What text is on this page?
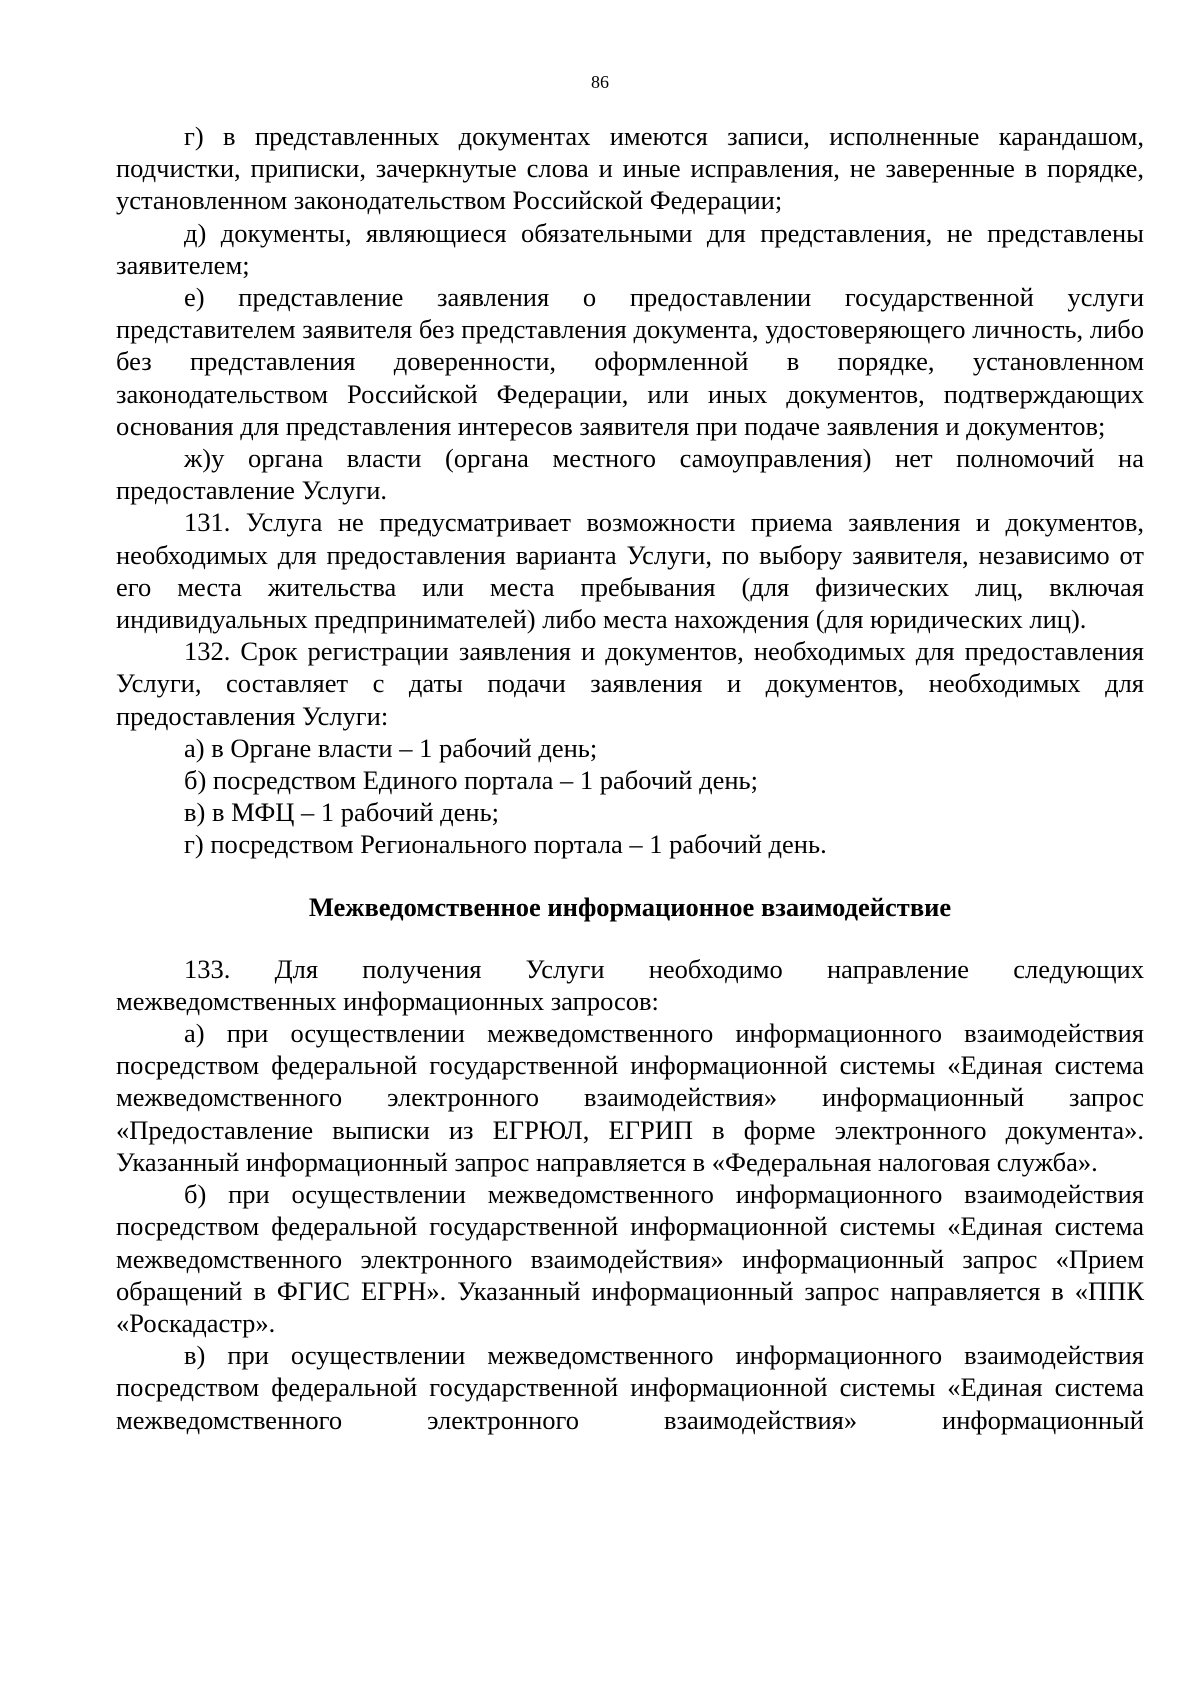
86

г) в представленных документах имеются записи, исполненные карандашом, подчистки, приписки, зачеркнутые слова и иные исправления, не заверенные в порядке, установленном законодательством Российской Федерации;

д) документы, являющиеся обязательными для представления, не представлены заявителем;

е) представление заявления о предоставлении государственной услуги представителем заявителя без представления документа, удостоверяющего личность, либо без представления доверенности, оформленной в порядке, установленном законодательством Российской Федерации, или иных документов, подтверждающих основания для представления интересов заявителя при подаче заявления и документов;

ж)у органа власти (органа местного самоуправления) нет полномочий на предоставление Услуги.

131. Услуга не предусматривает возможности приема заявления и документов, необходимых для предоставления варианта Услуги, по выбору заявителя, независимо от его места жительства или места пребывания (для физических лиц, включая индивидуальных предпринимателей) либо места нахождения (для юридических лиц).

132. Срок регистрации заявления и документов, необходимых для предоставления Услуги, составляет с даты подачи заявления и документов, необходимых для предоставления Услуги:

а) в Органе власти – 1 рабочий день;

б) посредством Единого портала – 1 рабочий день;

в) в МФЦ – 1 рабочий день;

г) посредством Регионального портала – 1 рабочий день.

Межведомственное информационное взаимодействие

133. Для получения Услуги необходимо направление следующих межведомственных информационных запросов:

а) при осуществлении межведомственного информационного взаимодействия посредством федеральной государственной информационной системы «Единая система межведомственного электронного взаимодействия» информационный запрос «Предоставление выписки из ЕГРЮЛ, ЕГРИП в форме электронного документа». Указанный информационный запрос направляется в «Федеральная налоговая служба».

б) при осуществлении межведомственного информационного взаимодействия посредством федеральной государственной информационной системы «Единая система межведомственного электронного взаимодействия» информационный запрос «Прием обращений в ФГИС ЕГРН». Указанный информационный запрос направляется в «ППК «Роскадастр».

в) при осуществлении межведомственного информационного взаимодействия посредством федеральной государственной информационной системы «Единая система межведомственного электронного взаимодействия» информационный
